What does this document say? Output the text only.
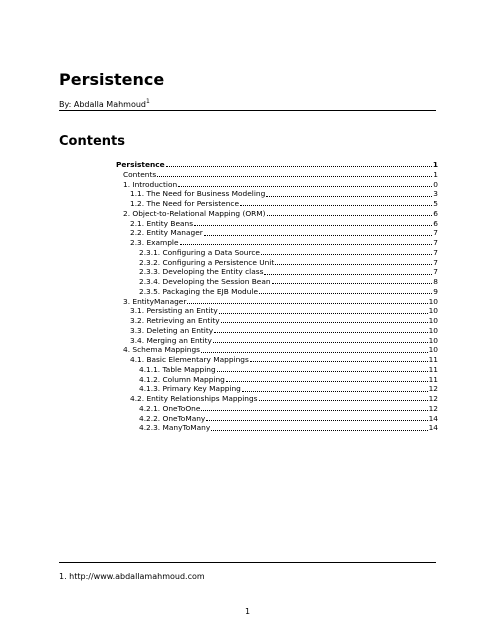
Persistence
By: Abdalla Mahmoud$^1$
Contents
Persistence	1
Contents	1
1. Introduction	0
1.1. The Need for Business Modeling	3
1.2. The Need for Persistence	5
2. Object-to-Relational Mapping (ORM)	6
2.1. Entity Beans	6
2.2. Entity Manager	7
2.3. Example	7
2.3.1. Configuring a Data Source	7
2.3.2. Configuring a Persistence Unit	7
2.3.3. Developing the Entity class	7
2.3.4. Developing the Session Bean	8
2.3.5. Packaging the EJB Module	9
3. EntityManager	10
3.1. Persisting an Entity	10
3.2. Retrieving an Entity	10
3.3. Deleting an Entity	10
3.4. Merging an Entity	10
4. Schema Mappings	10
4.1. Basic Elementary Mappings	11
4.1.1. Table Mapping	11
4.1.2. Column Mapping	11
4.1.3. Primary Key Mapping	12
4.2. Entity Relationships Mappings	12
4.2.1. OneToOne	12
4.2.2. OneToMany	14
4.2.3. ManyToMany	14
1. http://www.abdallamahmoud.com
1
